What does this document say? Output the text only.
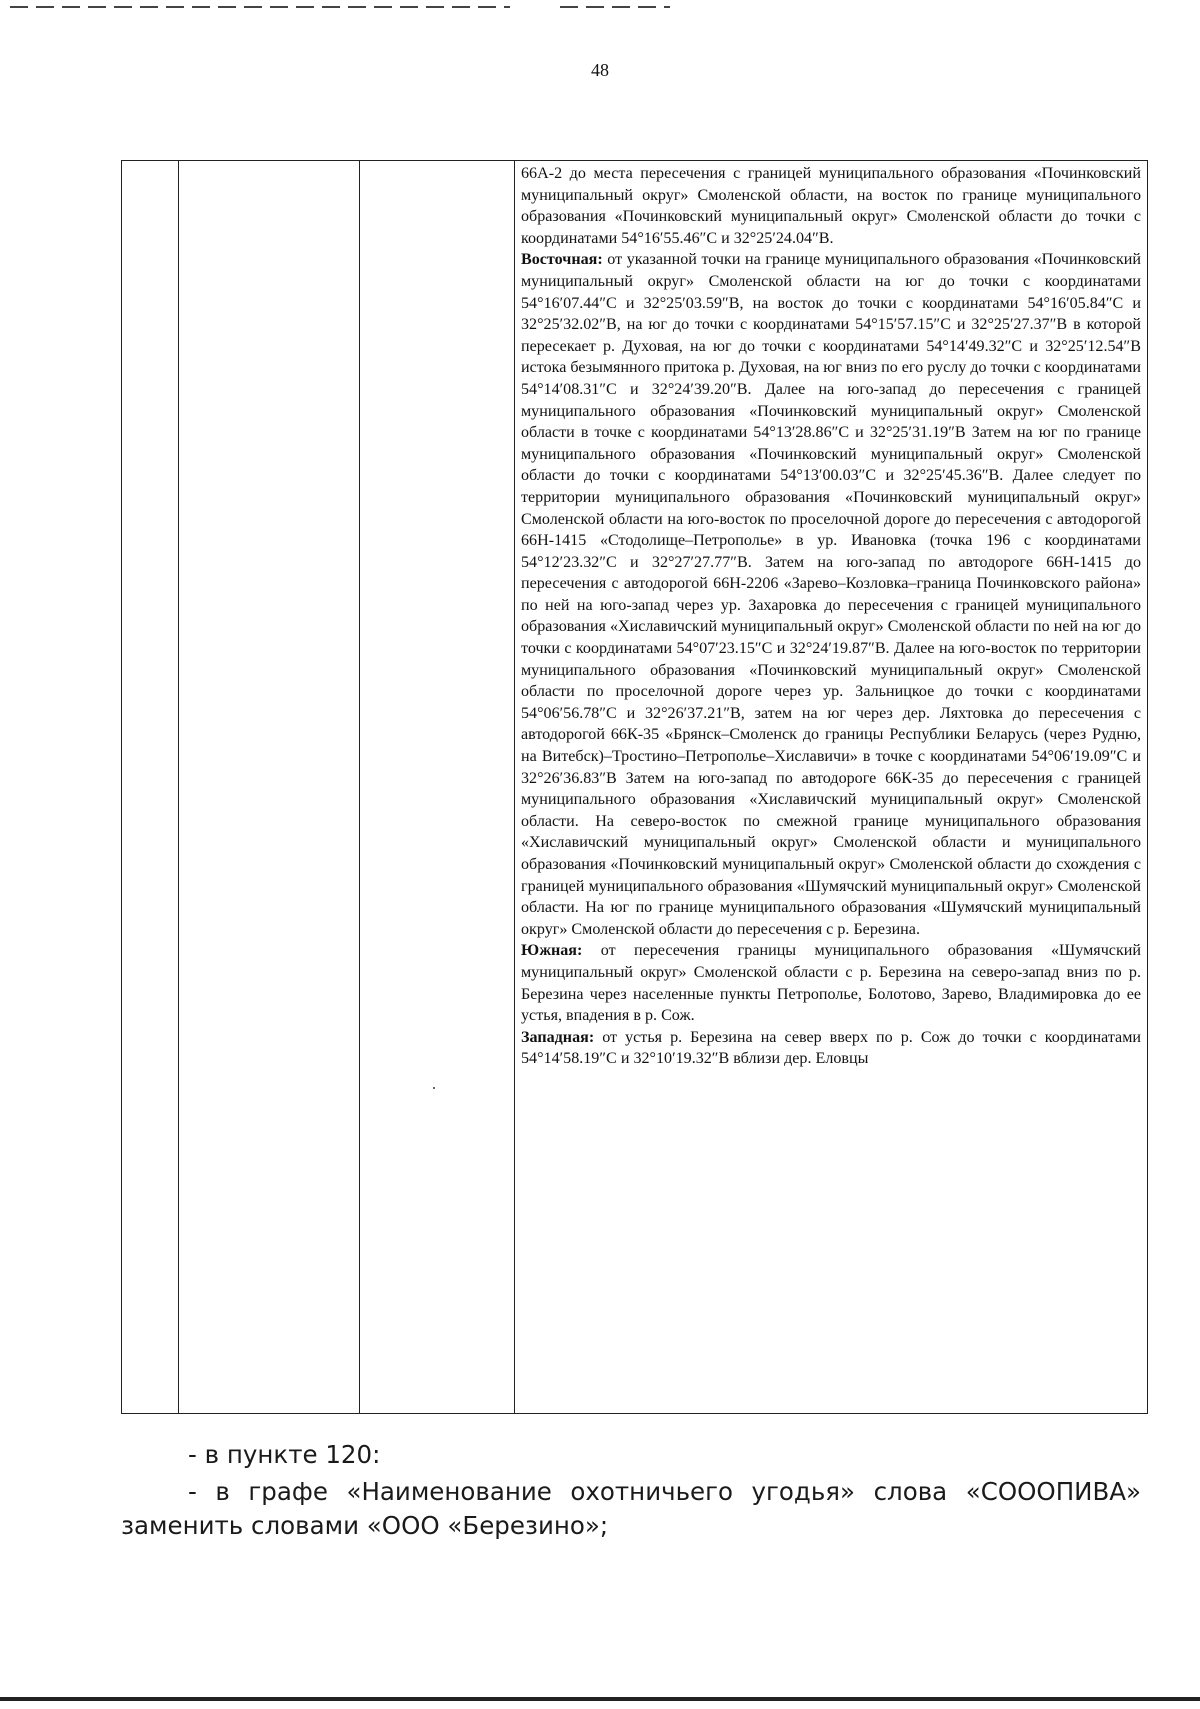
48

66А-2 до места пересечения с границей муниципального образования «Починковский муниципальный округ» Смоленской области, на восток по границе муниципального образования «Починковский муниципальный округ» Смоленской области до точки с координатами 54°16′55.46″С и 32°25′24.04″В.

Восточная: от указанной точки на границе муниципального образования «Починковский муниципальный округ» Смоленской области на юг до точки с координатами 54°16′07.44″С и 32°25′03.59″В, на восток до точки с координатами 54°16′05.84″С и 32°25′32.02″В, на юг до точки с координатами 54°15′57.15″С и 32°25′27.37″В в которой пересекает р. Духовая, на юг до точки с координатами 54°14′49.32″С и 32°25′12.54″В истока безымянного притока р. Духовая, на юг вниз по его руслу до точки с координатами 54°14′08.31″С и 32°24′39.20″В. Далее на юго-запад до пересечения с границей муниципального образования «Починковский муниципальный округ» Смоленской области в точке с координатами 54°13′28.86″С и 32°25′31.19″В Затем на юг по границе муниципального образования «Починковский муниципальный округ» Смоленской области до точки с координатами 54°13′00.03″С и 32°25′45.36″В. Далее следует по территории муниципального образования «Починковский муниципальный округ» Смоленской области на юго-восток по проселочной дороге до пересечения с автодорогой 66Н-1415 «Стодолище–Петрополье» в ур. Ивановка (точка 196 с координатами 54°12′23.32″С и 32°27′27.77″В. Затем на юго-запад по автодороге 66Н-1415 до пересечения с автодорогой 66Н-2206 «Зарево–Козловка–граница Починковского района» по ней на юго-запад через ур. Захаровка до пересечения с границей муниципального образования «Хиславичский муниципальный округ» Смоленской области по ней на юг до точки с координатами 54°07′23.15″С и 32°24′19.87″В. Далее на юго-восток по территории муниципального образования «Починковский муниципальный округ» Смоленской области по проселочной дороге через ур. Зальницкое до точки с координатами 54°06′56.78″С и 32°26′37.21″В, затем на юг через дер. Ляхтовка до пересечения с автодорогой 66К-35 «Брянск–Смоленск до границы Республики Беларусь (через Рудню, на Витебск)–Тростино–Петрополье–Хиславичи» в точке с координатами 54°06′19.09″С и 32°26′36.83″В Затем на юго-запад по автодороге 66К-35 до пересечения с границей муниципального образования «Хиславичский муниципальный округ» Смоленской области. На северо-восток по смежной границе муниципального образования «Хиславичский муниципальный округ» Смоленской области и муниципального образования «Починковский муниципальный округ» Смоленской области до схождения с границей муниципального образования «Шумячский муниципальный округ» Смоленской области. На юг по границе муниципального образования «Шумячский муниципальный округ» Смоленской области до пересечения с р. Березина.

Южная: от пересечения границы муниципального образования «Шумячский муниципальный округ» Смоленской области с р. Березина на северо-запад вниз по р. Березина через населенные пункты Петрополье, Болотово, Зарево, Владимировка до ее устья, впадения в р. Сож.

Западная: от устья р. Березина на север вверх по р. Сож до точки с координатами 54°14′58.19″С и 32°10′19.32″В вблизи дер. Еловцы

- в пункте 120:
- в графе «Наименование охотничьего угодья» слова «СОООПИВА» заменить словами «ООО «Березино»;
